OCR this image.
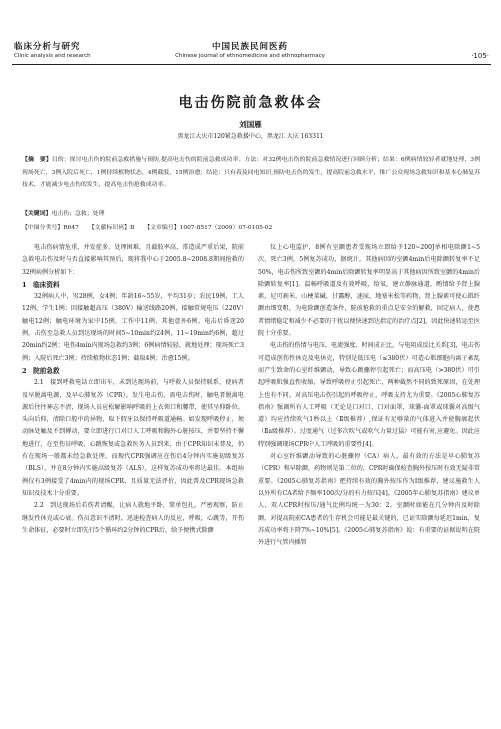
临床分析与研究
Clinic analysis and research
中国民族民间医药
Chinese journal of ethnomedicine and ethnopharmacy	·105·
电击伤院前急救体会

刘国雁

黑龙江大庆市120紧急救援中心，黑龙江 大庆 163311

【摘　要】目的：探讨电击伤的院前急救措施与预防,提高电击伤的院前急救成功率；方法：对32例电击伤的院前急救情况进行回顾分析；结果：6例病情较轻者就地处理，3例现场死亡，3例入院后死亡，1例持续植物状态，4例截肢，15例治愈；结论：只有着及同电知识,预防电击伤的发生，提高院前急救水平，推广公众现场急救知识和基本心肺复苏技术，才能减少电击伤的发生，提高电击伤抢救成功率。

【关键词】电击伤；急救；处理

【中图分类号】R647 【文献标识码】B 【文章编号】1007-8517（2009）07-0105-02

电击伤病情危重，并发症多，处理困难，且截肢率高，常造成严重后果，院前急救电击伤及时与否直接影响其预后，现将我中心于2005.8~2008.8期间抢救的32例病例分析如下：

1　临床资料

32例病人中，男28例，女4例；年龄16~55岁，平均31岁；农民19例，工人12例，学生1例；因接触超高压（380V）输送线路20例，接触常规电压（220V）触电12例；触电环境为家中15例，工作中11例，其他意外6例。电击后昏迷20例。击伤至急救人员到达现场的时间5~10min约24例，11~19min约6例，超过20min约2例；电伤4min内现场急救约3例；6例病情较轻，就地处理；现场死亡3例；入院后死亡3例；持续植物状态1例；截取4例；治愈15例。

2　院前急救

2.1　接到呼救电话立即出车，未到达现场前，与呼救人员保持联系，使病者及早脱离电源，及早心肺复苏（CPR）。发生电击伤，需电击伤时，触电者脱离电源后往往神志不清，现场人员应松解影响呼吸的上衣领口和腰带，使其呈仰卧位，头向后仰，清除口腔中的异物，取下假牙以保持呼吸道通畅。如发现呼吸停止，须动脉处触及不到搏动，要立即进行口对口人工呼吸和胸外心脏按压，并要坚持不懈地进行，在至伤员呼吸、心跳恢复或急救医务人员到来，由于CPR知识未普及，仍有在现场一般都未经急救处理，而现代CPR强调应在伤后4分钟内实施初级复苏（BLS），并在8分钟内实施高级复苏（ALS），这样复苏成功率将达最佳。本组病例仅有3例接受了4min内的现场CPR，且质量无法评价，因此普及CPR现场急救知识及技术十分重要。

2.2　到达现场后若伤者清醒，让病人就地平卧，简单包扎，严密观察，防止继发性休克或心衰。伤员意识不清时，迅速检查病人的反应，呼吸，心跳等，开伤生命体征，必要时立即先行5个循环约2分钟的CPR后，给予便携式除颤

仪上心电监护，8例有室颤患者受现场立即给予120~200J单相电除颤1~5次，死亡3例，5例复苏成功，据统计，其他病因的室颤4min后电除颤转复率不足50%，电击伤所致室颤的4min后除颤转复率明显高于其他病因所致室颤的4min后除颤转复率[1]。温畅呼吸道及有效呼吸，给氧，建立静脉通道，酌情给予肾上腺素，尼可刹米，山梗菜碱，甘露醇，速尿，地塞米松等药物，肾上腺素可使心肌纤颤由细变粗，为电除颤创造条件，院前抢救的重点是安全的解救，固定病人，使患者情绪稳定和减少不必要的干扰以便快速到达指定的治疗点[2]，因此快速转运至医院十分重要。

电击伤的伤情与电压、电流强度、时间成正比，与电阻成反比关系[3]，电击伤可造成创伤性休克及电休克，特别是低压电（≤380伏）可造心肌细胞内离子紊乱而产生致命的心室纤维颤动，导致心跳骤停引起死亡；而高压电（>380伏）可引起呼吸肌强直性收缩，导致呼吸停止引起死亡，两种截然不同的致死原因，在处理上也有不同。对高压电击伤引起的呼吸停止，呼吸支持尤为重要。《2005心肺复苏指南》强调所有人工呼吸（无论是口对口，口对面罩，球囊-面罩或球囊对高级气道）均应持续吹气1秒以上（Ⅱ级推荐）,保证有足够量的气体进入并使胸廓起伏（Ⅱa级推荐）。过度通气（过多次吹气或吹气力量过猛）可能有害,应避免。因此应特别强调现场CPR中人工呼吸的重要性[4]。

对心室纤维颤动导致的心脏骤停（CA）病人，最有效的方法是早心肺复苏（CPR）和早除颤，药物则是第二位的，CPR时确保检查胸外按压时有效无疑非常重要。《2005心肺复苏指南》把持续有效的胸外按压作为Ⅰ级推荐，建议施救生人以外所有CA者给予频率100次/分的有力按压[4]。《2005年心肺复苏指南》建议单人，双人CPR时按压/通气比例均统一为30：2。室颤时如能在几分钟内及时除颤，对提高院前CA患者的生存机会可能是最关键的，已证实除颤每延迟1min，复苏成功率将下降7%~10%[5]。《2005心肺复苏指南》说：有重要的证据说明在院外进行气管内插管
